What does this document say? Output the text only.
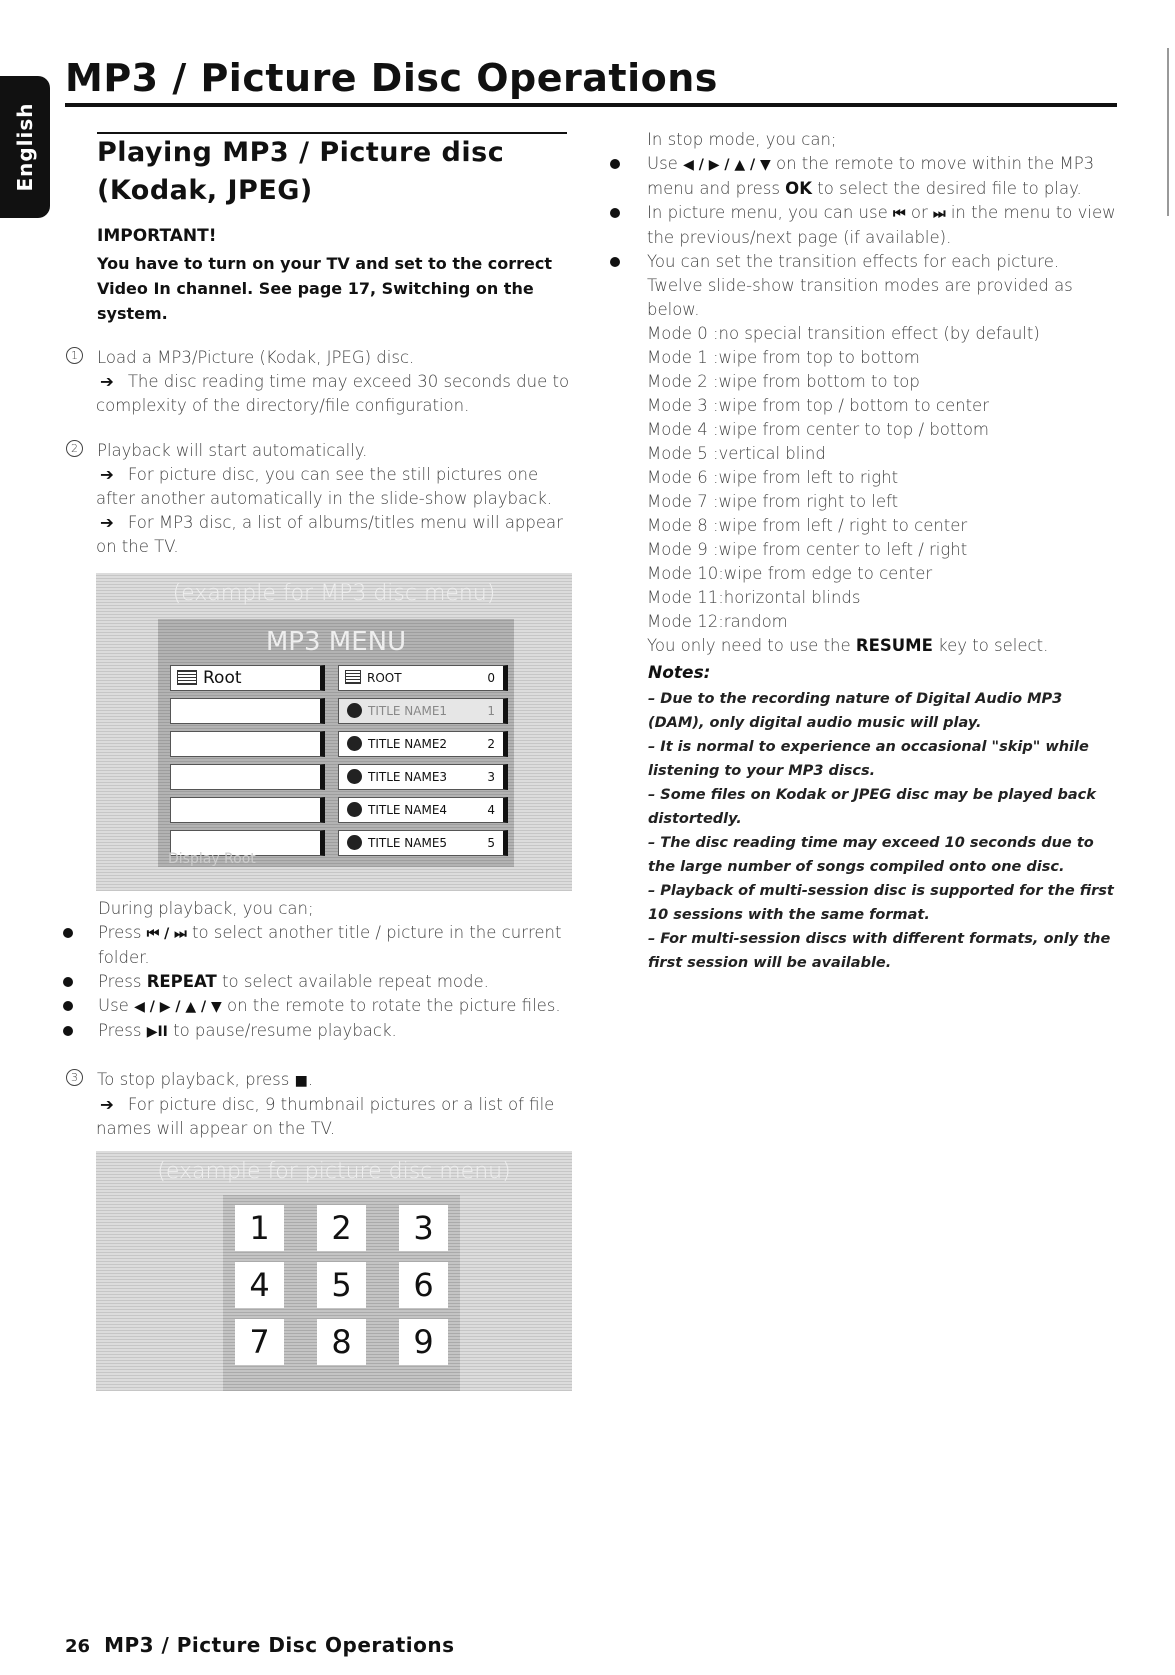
English
MP3 / Picture Disc Operations
Playing MP3 / Picture disc
(Kodak, JPEG)
IMPORTANT!
You have to turn on your TV and set to the correct Video In channel. See page 17, Switching on the system.
1	Load a MP3/Picture (Kodak, JPEG) disc.

➔ The disc reading time may exceed 30 seconds due to complexity of the directory/file configuration.

2	Playback will start automatically.

➔ For picture disc, you can see the still pictures one after another automatically in the slide-show playback.

➔ For MP3 disc, a list of albums/titles menu will appear on the TV.

(example for MP3 disc menu)
MP3 MENU
Root	ROOT	0
TITLE NAME1	1
TITLE NAME2	2
TITLE NAME3	3
TITLE NAME4	4
TITLE NAME5	5
Display Root
During playback, you can;
Press ⏮ / ⏭ to select another title / picture in the current folder.
Press REPEAT to select available repeat mode.
Use ◀ / ▶ / ▲ / ▼ on the remote to rotate the picture files.
Press ▶II to pause/resume playback.
3	To stop playback, press ■.

➔ For picture disc, 9 thumbnail pictures or a list of file names will appear on the TV.

(example for picture disc menu)
1	2	3
4	5	6
7	8	9
In stop mode, you can;
Use ◀ / ▶ / ▲ / ▼ on the remote to move within the MP3 menu and press OK to select the desired file to play.
In picture menu, you can use ⏮ or ⏭ in the menu to view the previous/next page (if available).
You can set the transition effects for each picture. Twelve slide-show transition modes are provided as below.
Mode 0 :no special transition effect (by default)
Mode 1 :wipe from top to bottom
Mode 2 :wipe from bottom to top
Mode 3 :wipe from top / bottom to center
Mode 4 :wipe from center to top / bottom
Mode 5 :vertical blind
Mode 6 :wipe from left to right
Mode 7 :wipe from right to left
Mode 8 :wipe from left / right to center
Mode 9 :wipe from center to left / right
Mode 10:wipe from edge to center
Mode 11:horizontal blinds
Mode 12:random
You only need to use the RESUME key to select.
Notes:

– Due to the recording nature of Digital Audio MP3 (DAM), only digital audio music will play.

– It is normal to experience an occasional "skip" while listening to your MP3 discs.

– Some files on Kodak or JPEG disc may be played back distortedly.

– The disc reading time may exceed 10 seconds due to the large number of songs compiled onto one disc.

– Playback of multi-session disc is supported for the first 10 sessions with the same format.

– For multi-session discs with different formats, only the first session will be available.

26 MP3 / Picture Disc Operations
